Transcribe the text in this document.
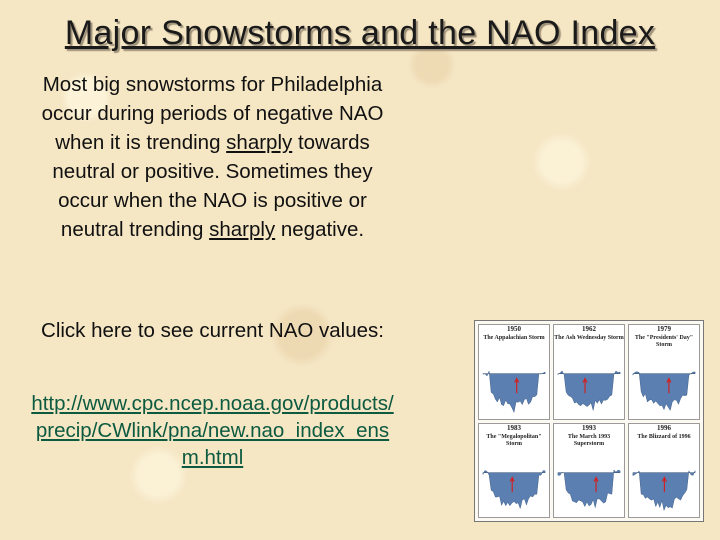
Major Snowstorms and the NAO Index

Most big snowstorms for Philadelphia occur during periods of negative NAO when it is trending sharply towards neutral or positive. Sometimes they occur when the NAO is positive or neutral trending sharply negative.

Click here to see current NAO values:
http://www.cpc.ncep.noaa.gov/products/precip/CWlink/pna/new.nao_index_ensm.html
1950
The Appalachian Storm
1962
The Ash Wednesday Storm
1979
The "Presidents' Day" Storm
1983
The "Megalopolitan" Storm
1993
The March 1993 Superstorm
1996
The Blizzard of 1996
